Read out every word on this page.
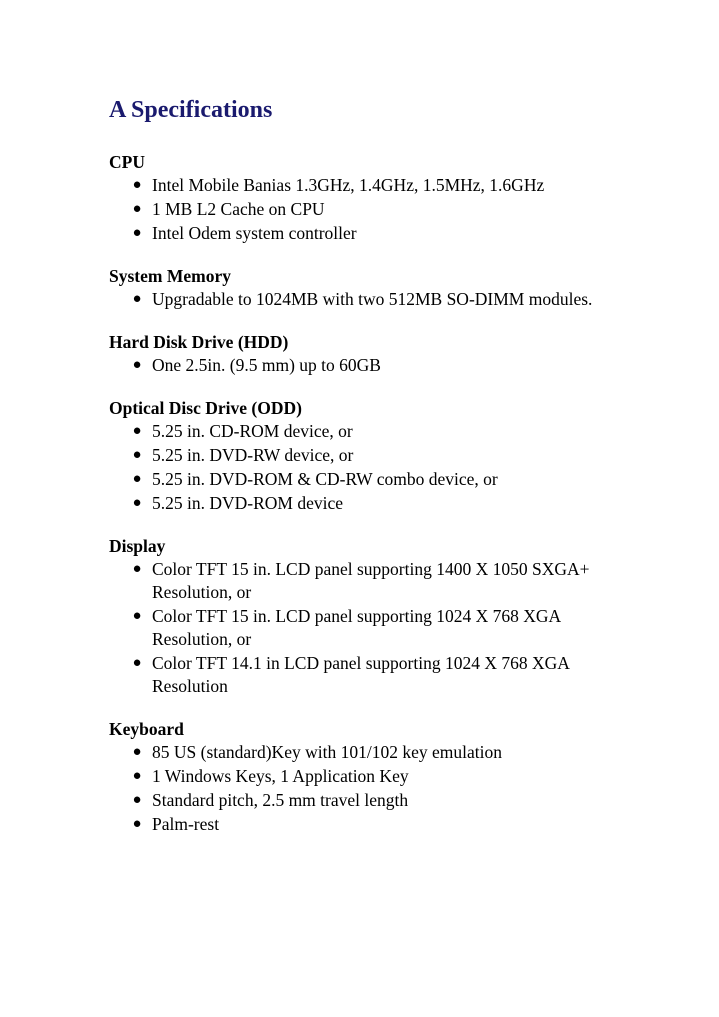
A Specifications
CPU
● Intel Mobile Banias 1.3GHz, 1.4GHz, 1.5MHz, 1.6GHz
● 1 MB L2 Cache on CPU
● Intel Odem system controller
System Memory
● Upgradable to 1024MB with two 512MB SO-DIMM modules.
Hard Disk Drive (HDD)
● One 2.5in. (9.5 mm) up to 60GB
Optical Disc Drive (ODD)
● 5.25 in. CD-ROM device, or
● 5.25 in. DVD-RW device, or
● 5.25 in. DVD-ROM & CD-RW combo device, or
● 5.25 in. DVD-ROM device
Display
● Color TFT 15 in. LCD panel supporting 1400 X 1050 SXGA+ Resolution, or
● Color TFT 15 in. LCD panel supporting 1024 X 768 XGA Resolution, or
● Color TFT 14.1 in LCD panel supporting 1024 X 768 XGA Resolution
Keyboard
● 85 US (standard)Key with 101/102 key emulation
● 1 Windows Keys, 1 Application Key
● Standard pitch, 2.5 mm travel length
● Palm-rest
